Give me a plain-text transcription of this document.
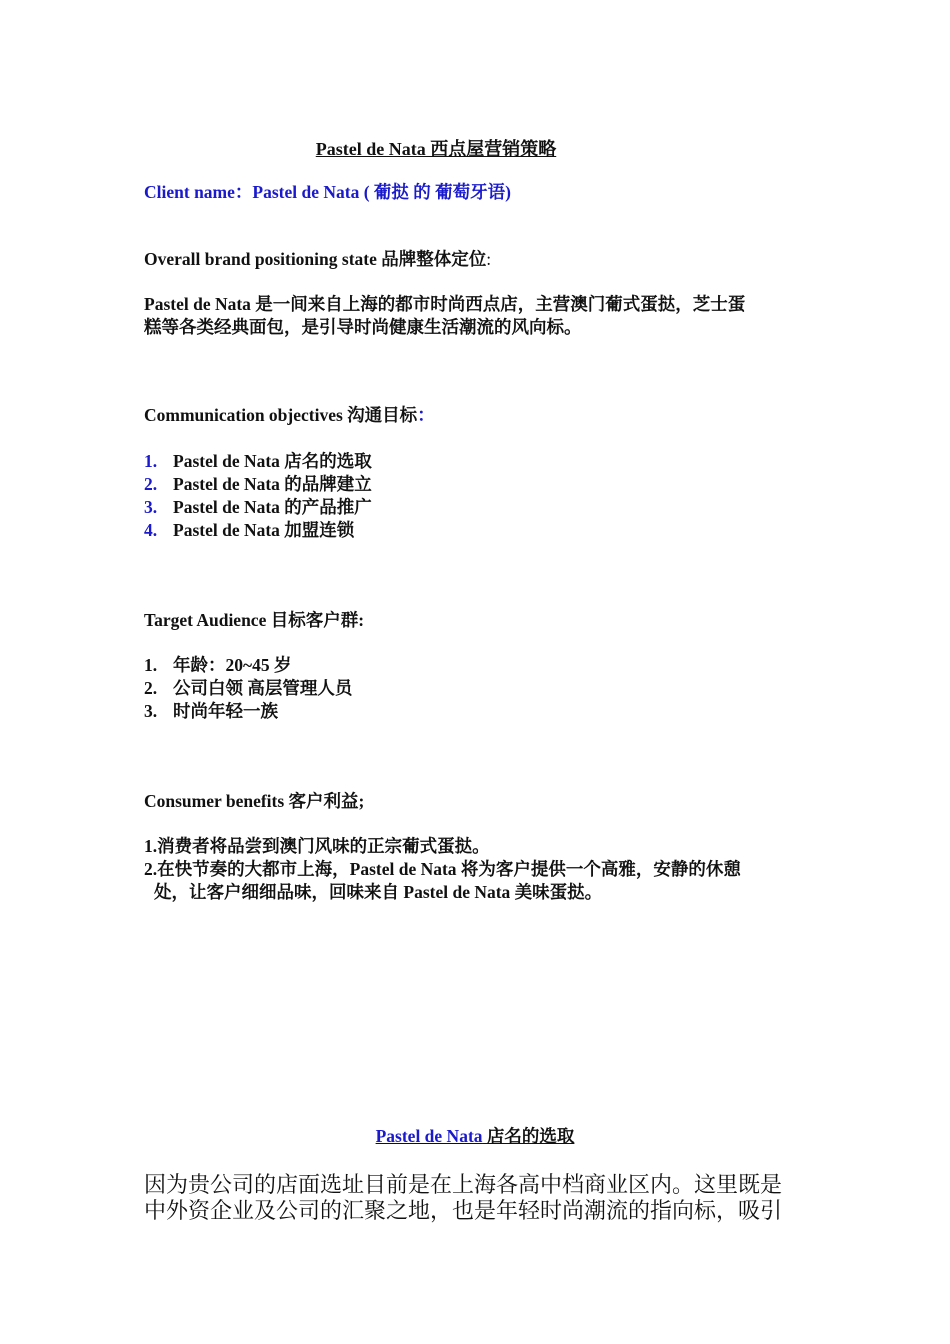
Pastel de Nata 西点屋营销策略
Client name：Pastel de Nata ( 葡挞 的 葡萄牙语)
Overall brand positioning state 品牌整体定位:
Pastel de Nata 是一间来自上海的都市时尚西点店，主营澳门葡式蛋挞，芝士蛋
糕等各类经典面包，是引导时尚健康生活潮流的风向标。
Communication objectives 沟通目标：
1. Pastel de Nata 店名的选取
2. Pastel de Nata 的品牌建立
3. Pastel de Nata 的产品推广
4. Pastel de Nata 加盟连锁
Target Audience 目标客户群:
1. 年龄：20~45 岁
2. 公司白领 高层管理人员
3. 时尚年轻一族
Consumer benefits 客户利益;
1.消费者将品尝到澳门风味的正宗葡式蛋挞。
2.在快节奏的大都市上海，Pastel de Nata 将为客户提供一个高雅，安静的休憩
处，让客户细细品味，回味来自 Pastel de Nata 美味蛋挞。
Pastel de Nata 店名的选取
因为贵公司的店面选址目前是在上海各高中档商业区内。这里既是
中外资企业及公司的汇聚之地，也是年轻时尚潮流的指向标，吸引
